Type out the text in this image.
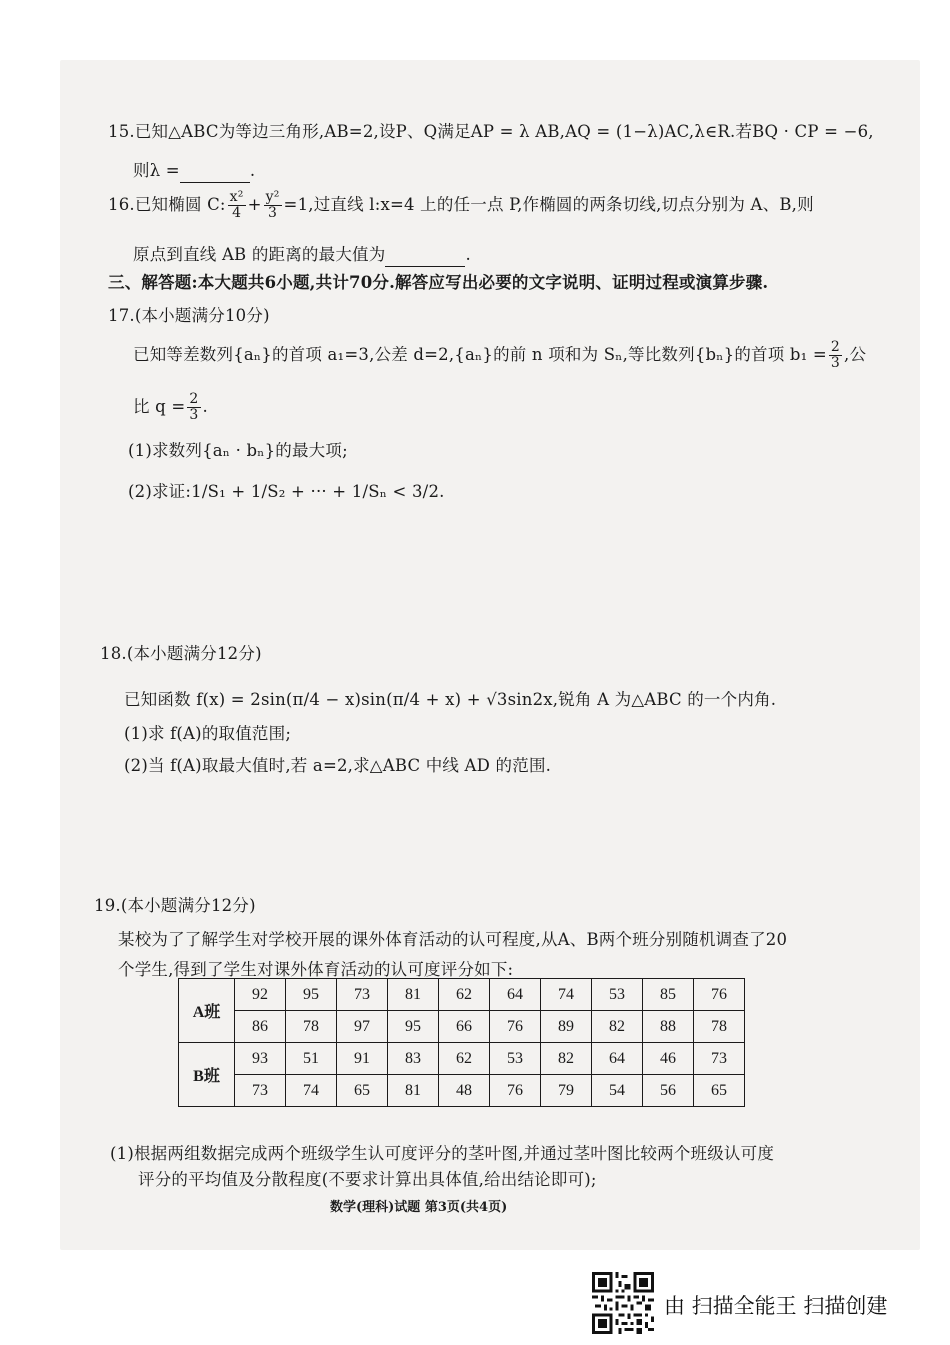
15.已知△ABC为等边三角形,AB=2,设P、Q满足AP = λ AB,AQ = (1−λ)AC,λ∈R.若BQ · CP = −6,
则λ =	.
16.已知椭圆 C: $\frac{\text{x²}}{4} + \frac{\text{y²}}{3} =1$,过直线 l:x=4 上的任一点 P,作椭圆的两条切线,切点分别为 A、B,则
原点到直线 AB 的距离的最大值为	.
三、解答题:本大题共6小题,共计70分.解答应写出必要的文字说明、证明过程或演算步骤.
17.(本小题满分10分)
已知等差数列{aₙ}的首项 a₁=3,公差 d=2,{aₙ}的前 n 项和为 Sₙ,等比数列{bₙ}的首项 $b_1 = \frac{2}{3}$ ,公
比 $q = \frac{2}{3}$ .
(1)求数列{aₙ · bₙ}的最大项;
(2)求证:1/S₁ + 1/S₂ + ··· + 1/Sₙ < 3/2.
18.(本小题满分12分)
已知函数 f(x) = 2sin(π/4 − x)sin(π/4 + x) + √3sin2x,锐角 A 为△ABC 的一个内角.
(1)求 f(A)的取值范围;
(2)当 f(A)取最大值时,若 a=2,求△ABC 中线 AD 的范围.
19.(本小题满分12分)
某校为了了解学生对学校开展的课外体育活动的认可程度,从A、B两个班分别随机调查了20
个学生,得到了学生对课外体育活动的认可度评分如下:
A班	92	95	73	81	62	64	74	53	85	76
	86	78	97	95	66	76	89	82	88	78
B班	93	51	91	83	62	53	82	64	46	73
	73	74	65	81	48	76	79	54	56	65
(1)根据两组数据完成两个班级学生认可度评分的茎叶图,并通过茎叶图比较两个班级认可度
评分的平均值及分散程度(不要求计算出具体值,给出结论即可);
数学(理科)试题 第3页(共4页)
由 扫描全能王 扫描创建
